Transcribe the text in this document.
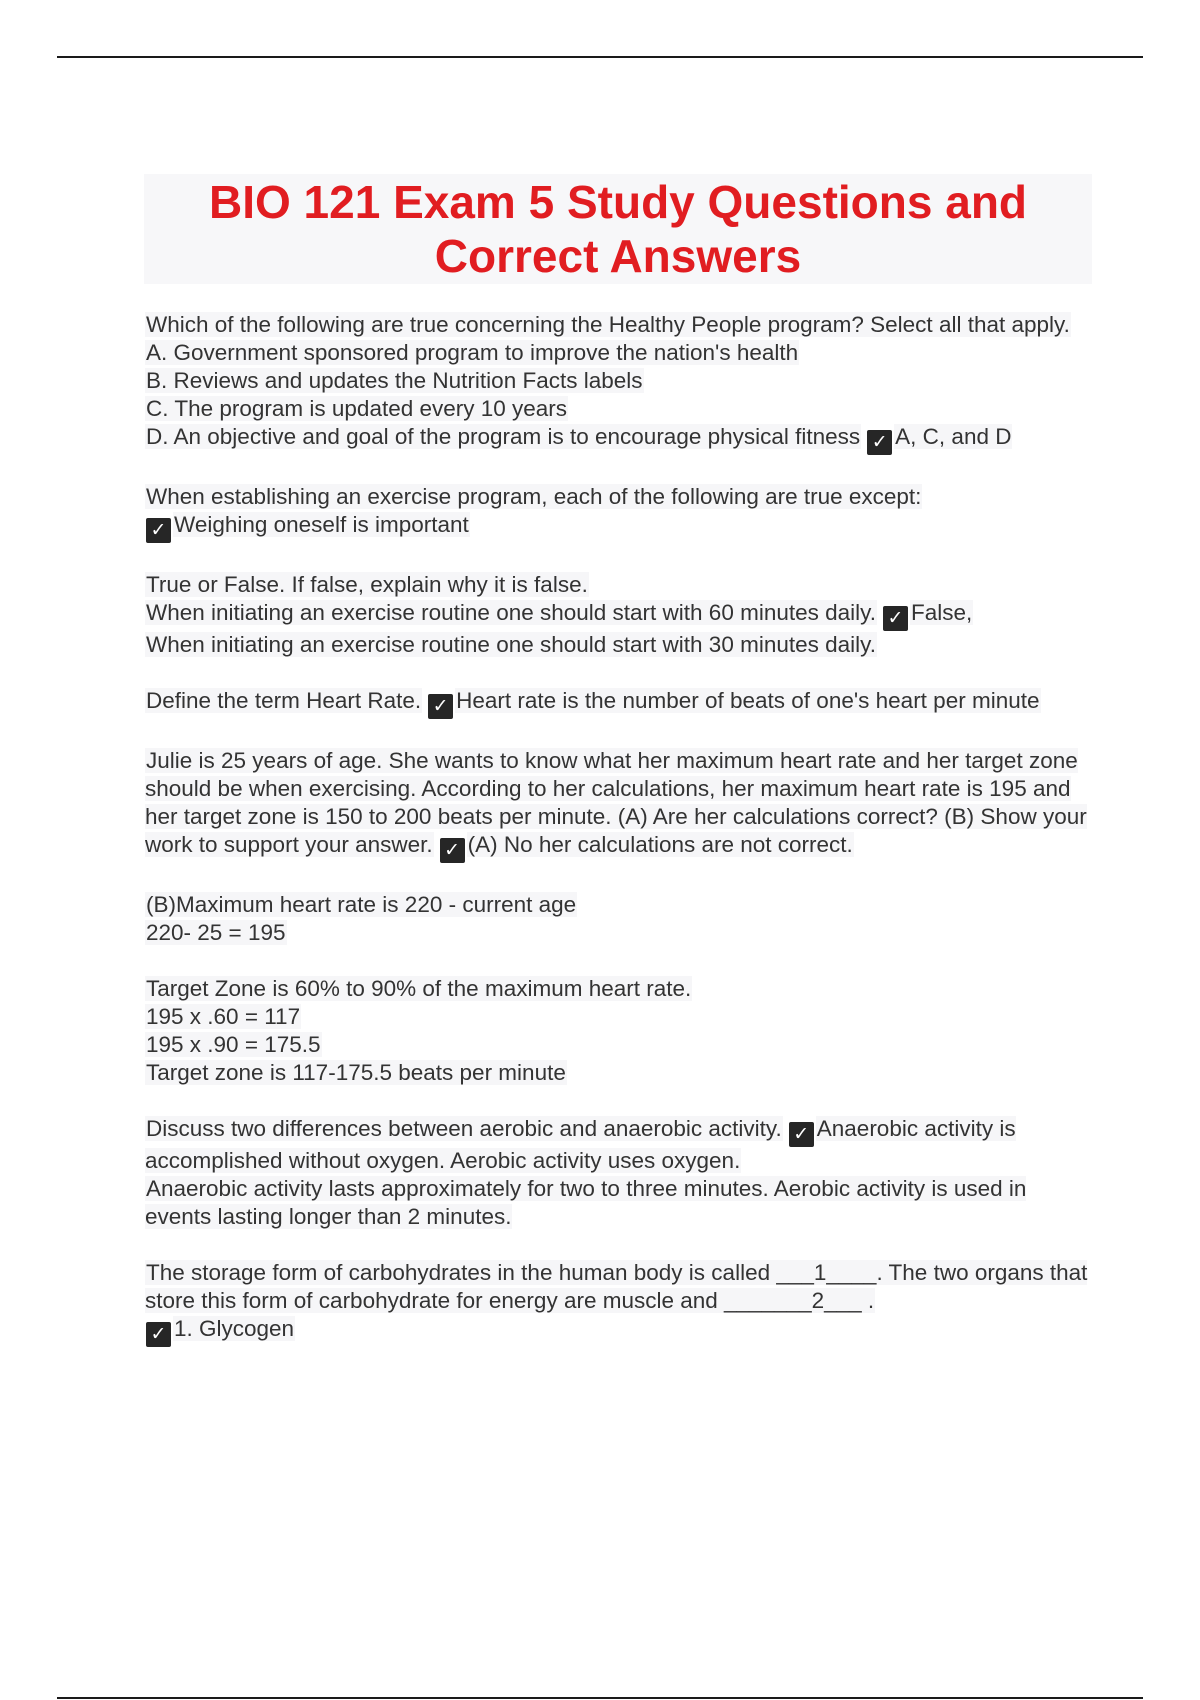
BIO 121 Exam 5 Study Questions and Correct Answers
Which of the following are true concerning the Healthy People program? Select all that apply.
A. Government sponsored program to improve the nation's health
B. Reviews and updates the Nutrition Facts labels
C. The program is updated every 10 years
D. An objective and goal of the program is to encourage physical fitness ✓ A, C, and D
When establishing an exercise program, each of the following are true except:
✓ Weighing oneself is important
True or False. If false, explain why it is false.
When initiating an exercise routine one should start with 60 minutes daily. ✓ False,
When initiating an exercise routine one should start with 30 minutes daily.
Define the term Heart Rate. ✓ Heart rate is the number of beats of one's heart per minute
Julie is 25 years of age. She wants to know what her maximum heart rate and her target zone should be when exercising. According to her calculations, her maximum heart rate is 195 and her target zone is 150 to 200 beats per minute. (A) Are her calculations correct? (B) Show your work to support your answer. ✓ (A) No her calculations are not correct.
(B)Maximum heart rate is 220 - current age
220- 25 = 195
Target Zone is 60% to 90% of the maximum heart rate.
195 x .60 = 117
195 x .90 = 175.5
Target zone is 117-175.5 beats per minute
Discuss two differences between aerobic and anaerobic activity. ✓ Anaerobic activity is accomplished without oxygen. Aerobic activity uses oxygen.
Anaerobic activity lasts approximately for two to three minutes. Aerobic activity is used in events lasting longer than 2 minutes.
The storage form of carbohydrates in the human body is called ___1____. The two organs that store this form of carbohydrate for energy are muscle and _______2___ .
✓ 1. Glycogen
